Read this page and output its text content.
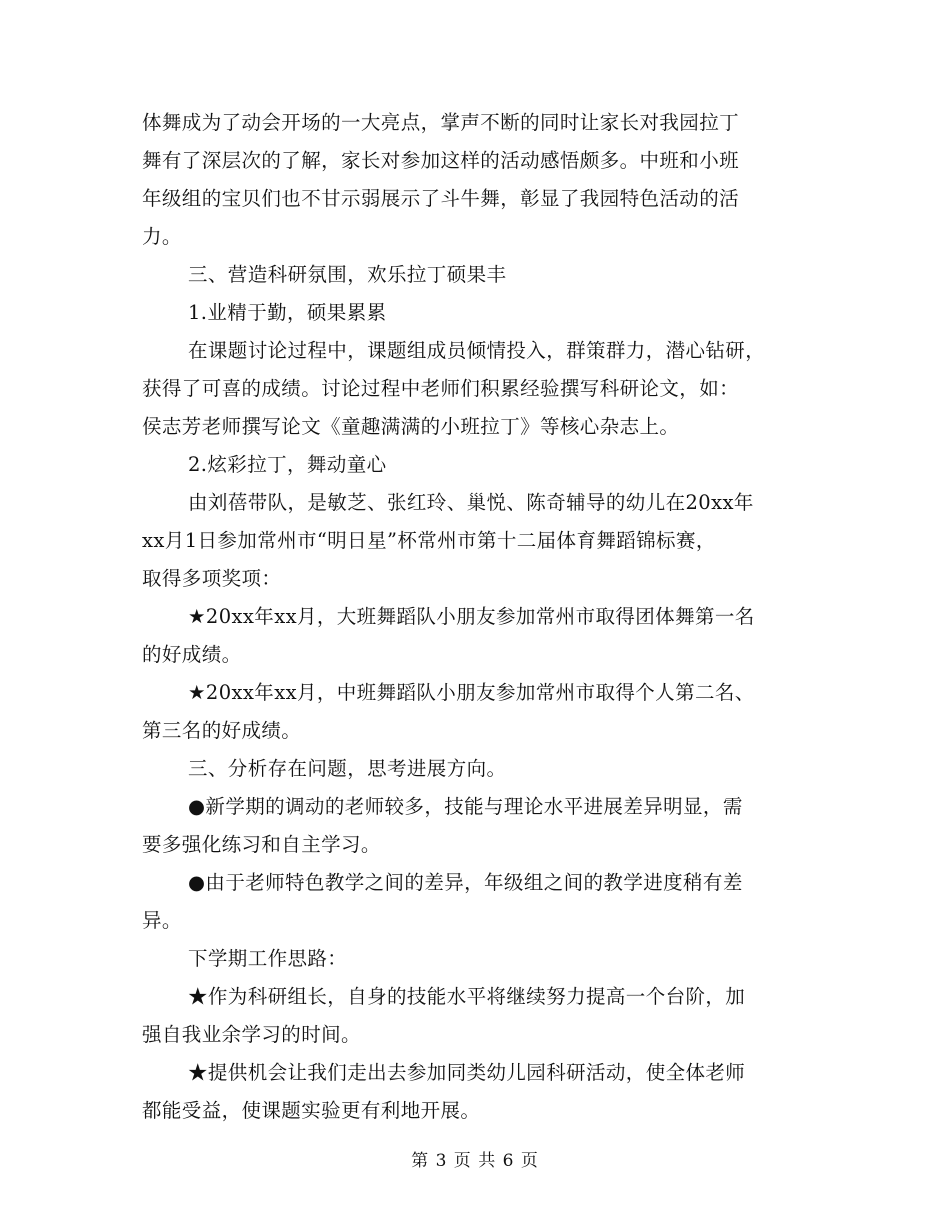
体舞成为了动会开场的一大亮点，掌声不断的同时让家长对我园拉丁
舞有了深层次的了解，家长对参加这样的活动感悟颇多。中班和小班
年级组的宝贝们也不甘示弱展示了斗牛舞，彰显了我园特色活动的活
力。
三、营造科研氛围，欢乐拉丁硕果丰
1.业精于勤，硕果累累
在课题讨论过程中，课题组成员倾情投入，群策群力，潜心钻研，
获得了可喜的成绩。讨论过程中老师们积累经验撰写科研论文，如：
侯志芳老师撰写论文《童趣满满的小班拉丁》等核心杂志上。
2.炫彩拉丁，舞动童心
由刘蓓带队，是敏芝、张红玲、巢悦、陈奇辅导的幼儿在20xx年
xx月1日参加常州市“明日星”杯常州市第十二届体育舞蹈锦标赛，
取得多项奖项：
★20xx年xx月，大班舞蹈队小朋友参加常州市取得团体舞第一名
的好成绩。
★20xx年xx月，中班舞蹈队小朋友参加常州市取得个人第二名、
第三名的好成绩。
三、分析存在问题，思考进展方向。
●新学期的调动的老师较多，技能与理论水平进展差异明显，需
要多强化练习和自主学习。
●由于老师特色教学之间的差异，年级组之间的教学进度稍有差
异。
下学期工作思路：
★作为科研组长，自身的技能水平将继续努力提高一个台阶，加
强自我业余学习的时间。
★提供机会让我们走出去参加同类幼儿园科研活动，使全体老师
都能受益，使课题实验更有利地开展。
第 3 页 共 6 页
